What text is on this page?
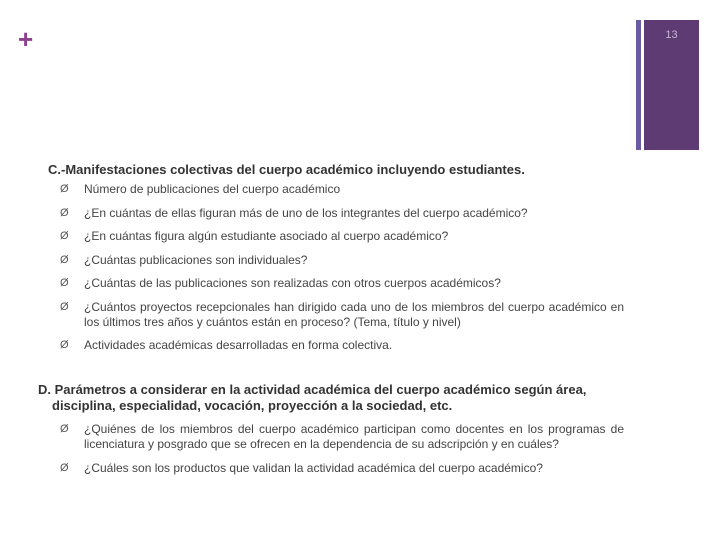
+	13
C.-Manifestaciones colectivas del cuerpo académico incluyendo estudiantes.
Ø Número de publicaciones del cuerpo académico
Ø ¿En cuántas de ellas figuran más de uno de los integrantes del cuerpo académico?
Ø ¿En cuántas figura algún estudiante asociado al cuerpo académico?
Ø ¿Cuántas publicaciones son individuales?
Ø ¿Cuántas de las publicaciones son realizadas con otros cuerpos académicos?
Ø ¿Cuántos proyectos recepcionales han dirigido cada uno de los miembros del cuerpo académico en los últimos tres años y cuántos están en proceso? (Tema, título y nivel)
Ø Actividades académicas desarrolladas en forma colectiva.
D. Parámetros a considerar en la actividad académica del cuerpo académico según área,
disciplina, especialidad, vocación, proyección a la sociedad, etc.
Ø ¿Quiénes de los miembros del cuerpo académico participan como docentes en los programas de licenciatura y posgrado que se ofrecen en la dependencia de su adscripción y en cuáles?
Ø ¿Cuáles son los productos que validan la actividad académica del cuerpo académico?
